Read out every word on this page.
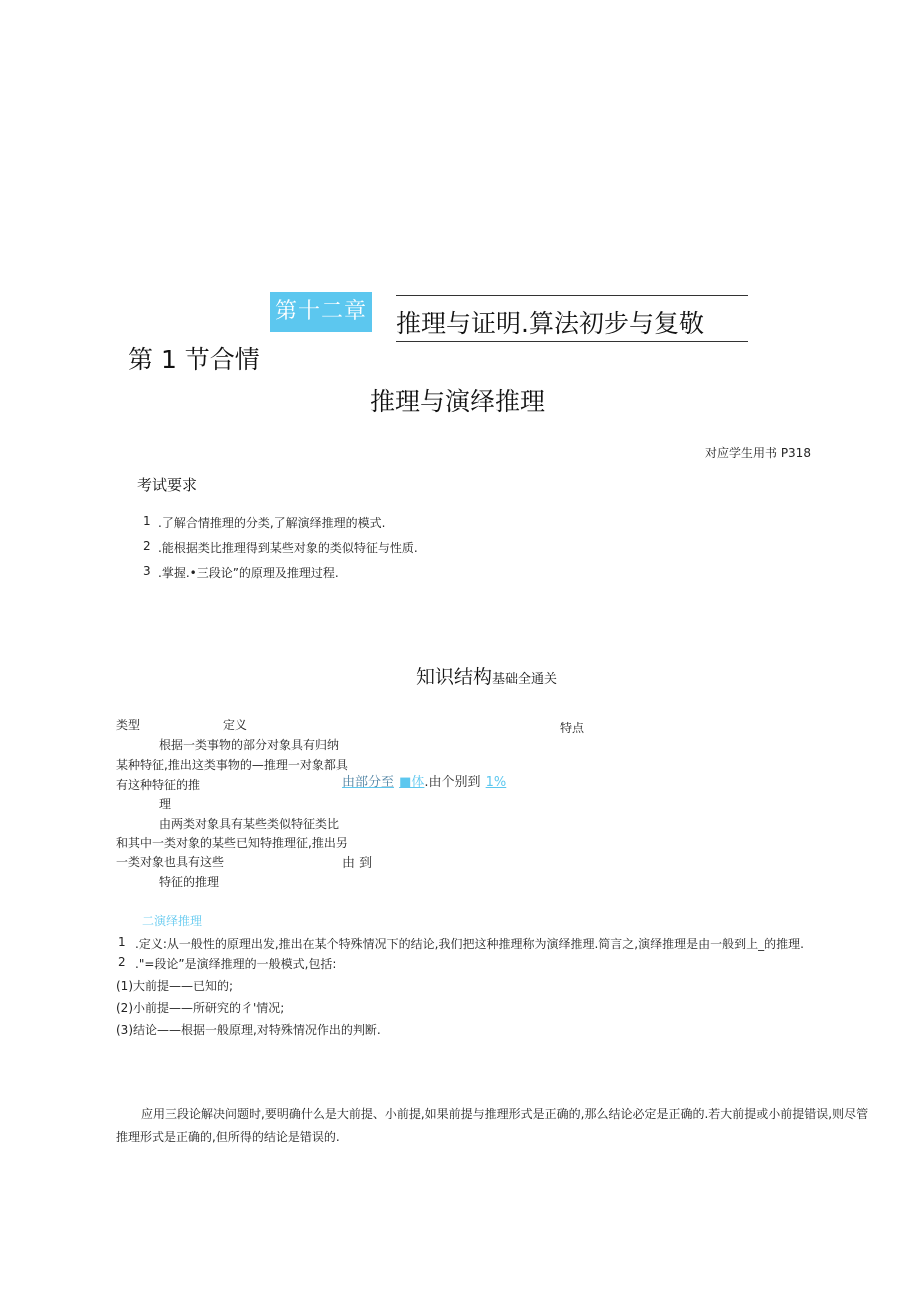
第十二章 推理与证明.算法初步与复敬
第 1 节合情
推理与演绎推理
对应学生用书 P318
考试要求
1 .了解合情推理的分类,了解演绎推理的模式.
2 .能根据类比推理得到某些对象的类似特征与性质.
3 .掌握.•三段论”的原理及推理过程.
知识结构基础全通关
类型	定义	特点
根据一类事物的部分对象具有归纳
某种特征,推出这类事物的—推理一对象都具
有这种特征的推
理
由部分至 ■体.由个别到 1%
由两类对象具有某些类似特征类比
和其中一类对象的某些已知特推理征,推出另
一类对象也具有这些
特征的推理
由 到
二演绎推理
1 .定义:从一般性的原理出发,推出在某个特殊情况下的结论,我们把这种推理称为演绎推理.简言之,演绎推理是由一般到上_的推理.
2 ."=段论”是演绎推理的一般模式,包括:
(1)大前提——已知的;
(2)小前提——所研究的彳'情况;
(3)结论——根据一般原理,对特殊情况作出的判断.
应用三段论解决问题时,要明确什么是大前提、小前提,如果前提与推理形式是正确的,那么结论必定是正确的.若大前提或小前提错误,则尽管
推理形式是正确的,但所得的结论是错误的.
